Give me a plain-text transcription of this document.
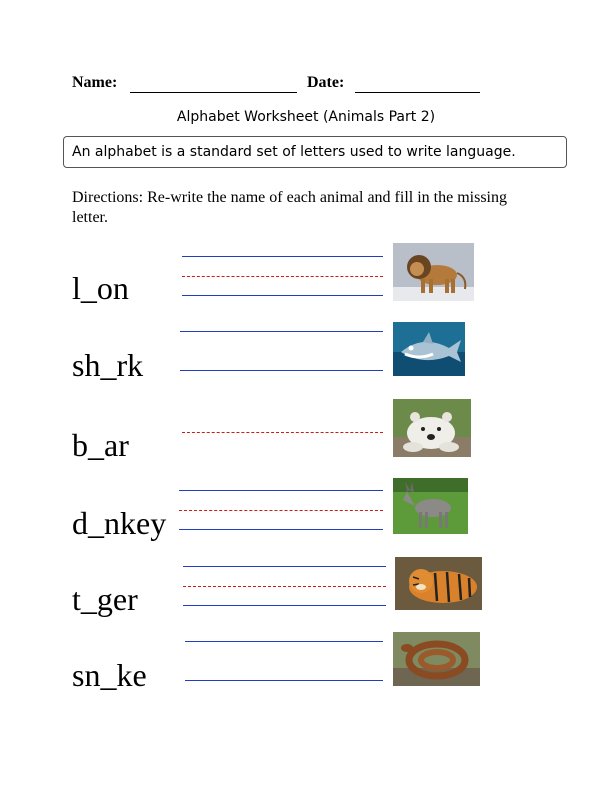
Name:	Date:
Alphabet Worksheet (Animals Part 2)
An alphabet is a standard set of letters used to write language.
Directions: Re-write the name of each animal and fill in the missing letter.
l_on
sh_rk
b_ar
d_nkey
t_ger
sn_ke
